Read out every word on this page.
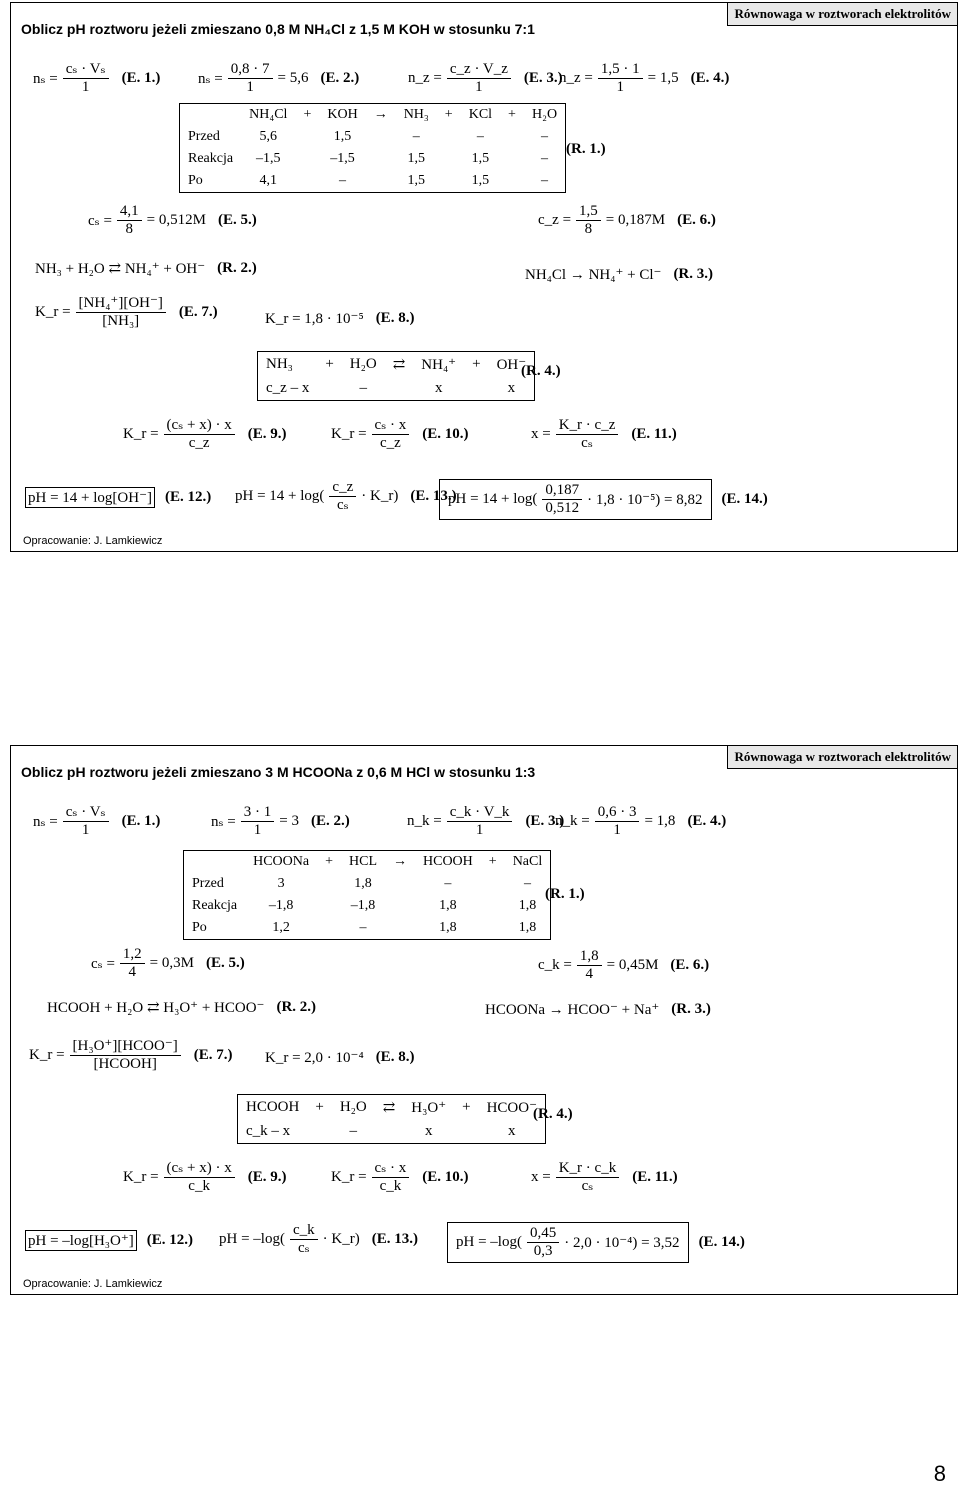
Oblicz pH roztworu jeżeli zmieszano 0,8 M NH₄Cl z 1,5 M KOH w stosunku 7:1
Równowaga w roztworach elektrolitów
$n_s = \frac{\text{cₛ · Vₛ}}{1} (E$. 1.)	$n_s = \frac{0,8 \cdot 7}{1} = 5,6$ (E. 2.)	n_z = $\frac{c\_z \cdot V\_z}{1} (E$. 3.)
n_z = $\frac{1,5 \cdot 1}{1} = 1,5$ (E. 4.)
	NH₄Cl	+	KOH	→	NH₃	+	KCl	+	H₂O
Przed	5,6		1,5		–		–		–
Reakcja	–1,5		–1,5		1,5		1,5		–
Po	4,1		–		1,5		1,5		–
(R. 1.)
$c_s = \frac{4,1}{8} = 0,512M$ (E. 5.)	c_z = $\frac{1,5}{8} = 0,187M$ (E. 6.)
NH₃ + H₂O ⇄ NH₄⁺ + OH⁻ (R. 2.)	NH₄Cl → NH₄⁺ + Cl⁻ (R. 3.)
K_r = $\frac{\text{[NH₄⁺][OH⁻]}}{\text{[NH₃]}} (E$. 7.)	K_r = 1,8 · 10⁻⁵ (E. 8.)
NH₃	+	H₂O	⇄	NH₄⁺	+	OH⁻
c_z – x		–		x		x
(R. 4.)
K_r = $\frac{\text{(cₛ + x) · x}}{c\_z} (E$. 9.)	K_r = $\frac{\text{cₛ · x}}{c\_z} (E$. 10.)	$x = \frac{K\_r \cdot c\_z}{\text{cₛ}} (E$. 11.)
pH = 14 + log[OH⁻] (E. 12.) pH = $14 + \log( \frac{c\_z}{\text{cₛ}}$ · K_r) (E. 13.)
pH = $14 + \log( \frac{0,187}{0,512} \cdot 1,8 \cdot 10^{-5}) = 8,82$ (E. 14.)
Opracowanie: J. Lamkiewicz
Oblicz pH roztworu jeżeli zmieszano 3 M HCOONa z 0,6 M HCl w stosunku 1:3
Równowaga w roztworach elektrolitów
$n_s = \frac{\text{cₛ · Vₛ}}{1} (E$. 1.)	$n_s = \frac{3 \cdot 1}{1} = 3$ (E. 2.)	n_k = $\frac{c\_k \cdot V\_k}{1} (E$. 3.)
n_k = $\frac{0,6 \cdot 3}{1} = 1,8$ (E. 4.)
	HCOONa	+	HCL	→	HCOOH	+	NaCl
Przed	3		1,8		–		–
Reakcja	–1,8		–1,8		1,8		1,8
Po	1,2		–		1,8		1,8
(R. 1.)
$c_s = \frac{1,2}{4} = 0,3M$ (E. 5.)	c_k = $\frac{1,8}{4} = 0,45M$ (E. 6.)
HCOOH + H₂O ⇄ H₃O⁺ + HCOO⁻ (R. 2.)	HCOONa → HCOO⁻ + Na⁺ (R. 3.)
K_r = $\frac{\text{[H₃O⁺][HCOO⁻]}}{\text{[HCOOH]}} (E$. 7.) K_r = 2,0 · 10⁻⁴ (E. 8.)
HCOOH	+	H₂O	⇄	H₃O⁺	+	HCOO⁻
c_k – x		–		x		x
(R. 4.)
K_r = $\frac{\text{(cₛ + x) · x}}{c\_k} (E$. 9.)	K_r = $\frac{\text{cₛ · x}}{c\_k} (E$. 10.)	$x = \frac{K\_r \cdot c\_k}{\text{cₛ}} (E$. 11.)
pH = –log[H₃O⁺] (E. 12.) pH = $-\log( \frac{c\_k}{\text{cₛ}}$ · K_r) (E. 13.)	pH = $-\log( \frac{0,45}{0,3} \cdot 2,0 \cdot 10^{-4}) = 3,52$ (E. 14.)
Opracowanie: J. Lamkiewicz
8
